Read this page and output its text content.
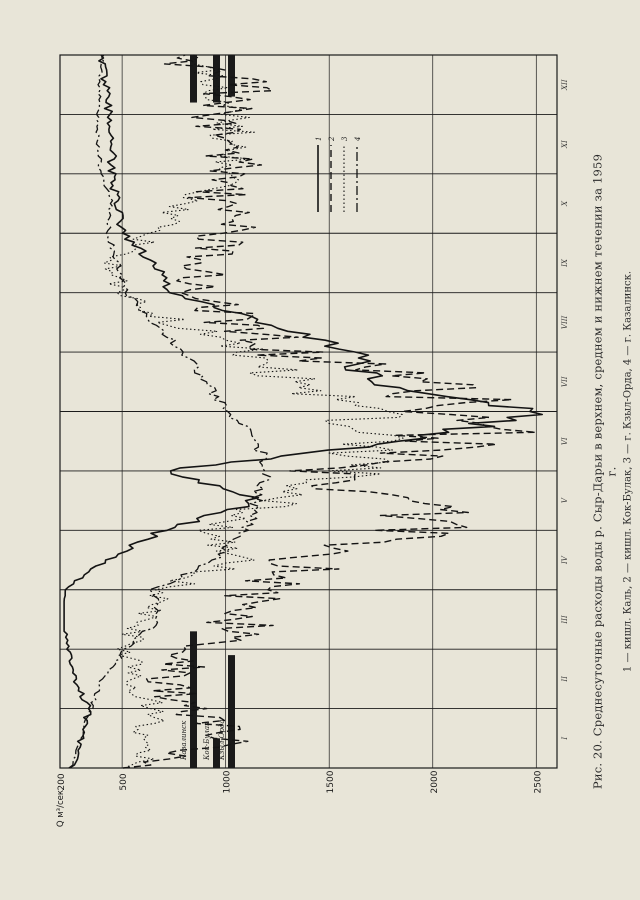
200	500	1000	1500	2000	2500
Q м³/сек
I
II
III
IV
V
VI
VII
VIII
IX
X
XI
XII
Казалинск Кок-Булак Кзыл-Орда
1 2 3 4
Рис. 20. Среднесуточные расходы воды р. Сыр-Дарьи в верхнем, среднем и нижнем течении за 1959 г. 1 — кишл. Каль, 2 — кишл. Кок-Булак, 3 — г. Кзыл-Орда, 4 — г. Казалинск.
